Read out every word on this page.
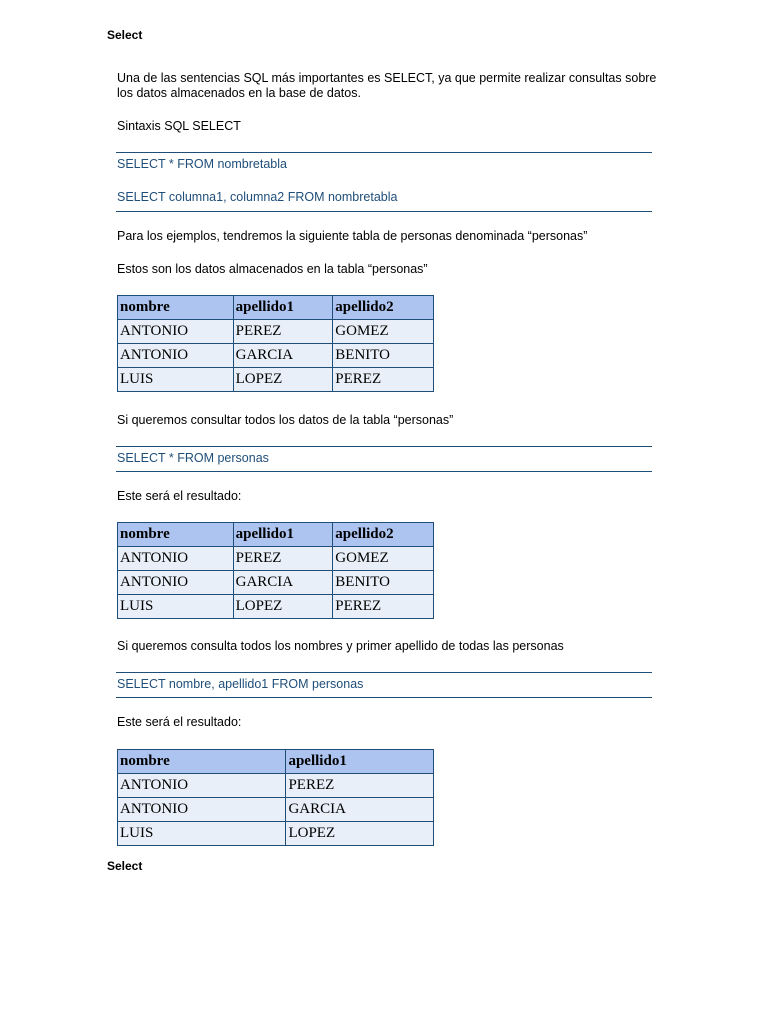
Select
Una de las sentencias SQL más importantes es SELECT, ya que permite realizar consultas sobre los datos almacenados en la base de datos.
Sintaxis SQL SELECT
SELECT * FROM nombretabla
SELECT columna1, columna2 FROM nombretabla
Para los ejemplos, tendremos la siguiente tabla de personas denominada “personas”
Estos son los datos almacenados en la tabla “personas”
nombre	apellido1	apellido2
ANTONIO	PEREZ	GOMEZ
ANTONIO	GARCIA	BENITO
LUIS	LOPEZ	PEREZ
Si queremos consultar todos los datos de la tabla “personas”
SELECT * FROM personas
Este será el resultado:
nombre	apellido1	apellido2
ANTONIO	PEREZ	GOMEZ
ANTONIO	GARCIA	BENITO
LUIS	LOPEZ	PEREZ
Si queremos consulta todos los nombres y primer apellido de todas las personas
SELECT nombre, apellido1 FROM personas
Este será el resultado:
nombre	apellido1
ANTONIO	PEREZ
ANTONIO	GARCIA
LUIS	LOPEZ
Select
